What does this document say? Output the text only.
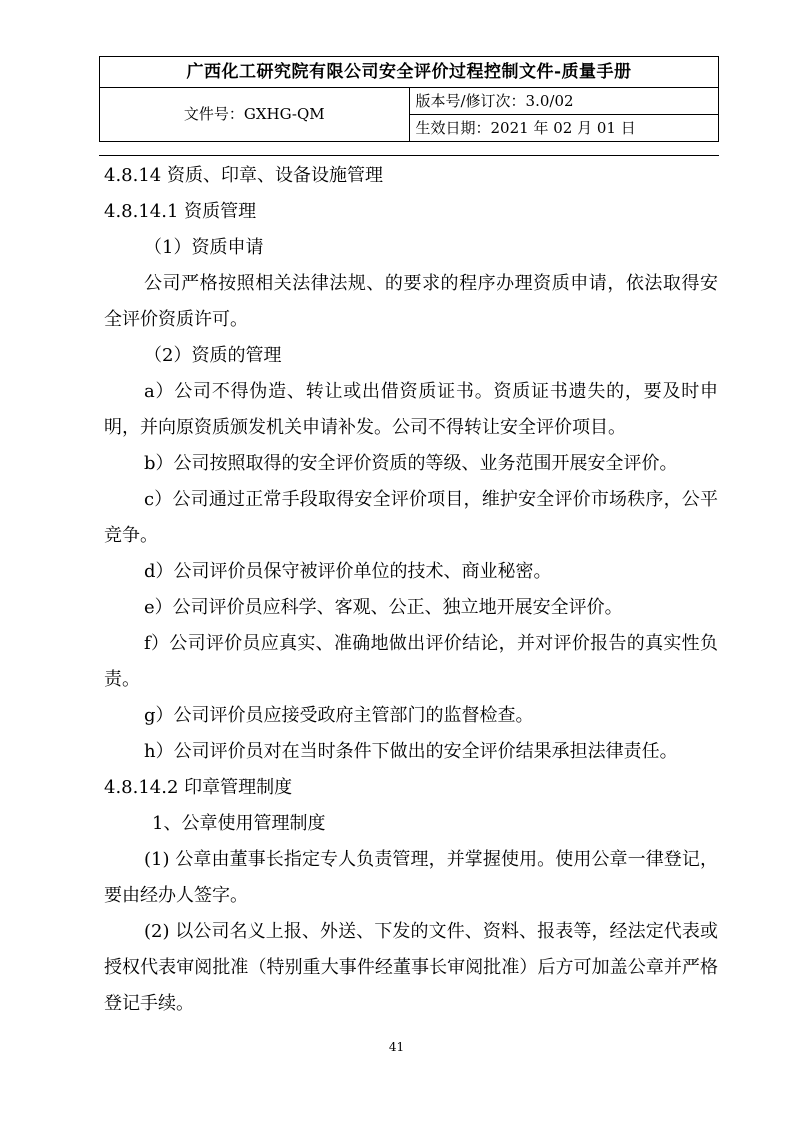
广西化工研究院有限公司安全评价过程控制文件-质量手册
文件号：GXHG-QM	版本号/修订次：3.0/02
生效日期：2021 年 02 月 01 日
4.8.14 资质、印章、设备设施管理
4.8.14.1 资质管理
（1）资质申请

公司严格按照相关法律法规、的要求的程序办理资质申请，依法取得安全评价资质许可。

（2）资质的管理

a）公司不得伪造、转让或出借资质证书。资质证书遗失的，要及时申明，并向原资质颁发机关申请补发。公司不得转让安全评价项目。

b）公司按照取得的安全评价资质的等级、业务范围开展安全评价。

c）公司通过正常手段取得安全评价项目，维护安全评价市场秩序，公平竞争。

d）公司评价员保守被评价单位的技术、商业秘密。

e）公司评价员应科学、客观、公正、独立地开展安全评价。

f）公司评价员应真实、准确地做出评价结论，并对评价报告的真实性负责。

g）公司评价员应接受政府主管部门的监督检查。

h）公司评价员对在当时条件下做出的安全评价结果承担法律责任。

4.8.14.2 印章管理制度
1、公章使用管理制度

(1) 公章由董事长指定专人负责管理，并掌握使用。使用公章一律登记，要由经办人签字。

(2) 以公司名义上报、外送、下发的文件、资料、报表等，经法定代表或授权代表审阅批准（特别重大事件经董事长审阅批准）后方可加盖公章并严格登记手续。

41
